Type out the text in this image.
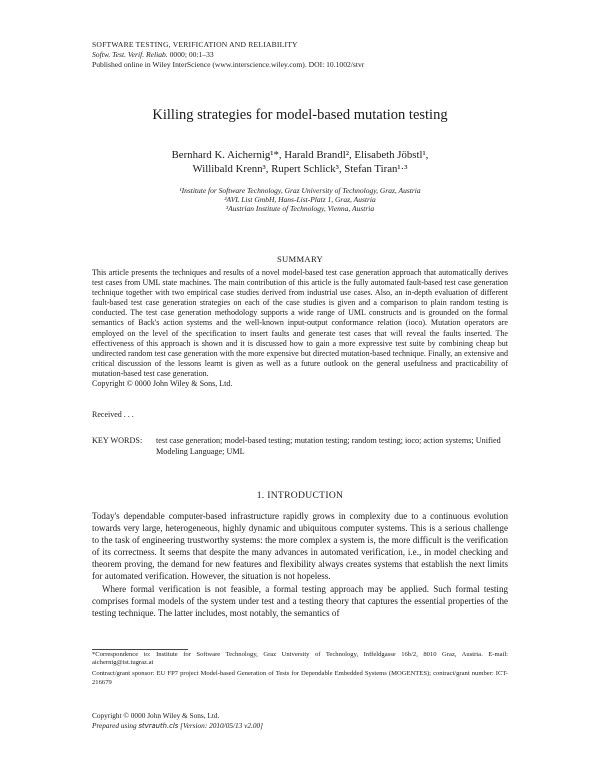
SOFTWARE TESTING, VERIFICATION AND RELIABILITY
Softw. Test. Verif. Reliab. 0000; 00:1–33
Published online in Wiley InterScience (www.interscience.wiley.com). DOI: 10.1002/stvr
Killing strategies for model-based mutation testing
Bernhard K. Aichernig¹*, Harald Brandl², Elisabeth Jöbstl¹,
Willibald Krenn³, Rupert Schlick³, Stefan Tiran¹·³
¹Institute for Software Technology, Graz University of Technology, Graz, Austria
²AVL List GmbH, Hans-List-Platz 1, Graz, Austria
³Austrian Institute of Technology, Vienna, Austria
SUMMARY
This article presents the techniques and results of a novel model-based test case generation approach that automatically derives test cases from UML state machines. The main contribution of this article is the fully automated fault-based test case generation technique together with two empirical case studies derived from industrial use cases. Also, an in-depth evaluation of different fault-based test case generation strategies on each of the case studies is given and a comparison to plain random testing is conducted. The test case generation methodology supports a wide range of UML constructs and is grounded on the formal semantics of Back's action systems and the well-known input-output conformance relation (ioco). Mutation operators are employed on the level of the specification to insert faults and generate test cases that will reveal the faults inserted. The effectiveness of this approach is shown and it is discussed how to gain a more expressive test suite by combining cheap but undirected random test case generation with the more expensive but directed mutation-based technique. Finally, an extensive and critical discussion of the lessons learnt is given as well as a future outlook on the general usefulness and practicability of mutation-based test case generation.
Copyright © 0000 John Wiley & Sons, Ltd.
Received . . .
KEY WORDS: test case generation; model-based testing; mutation testing; random testing; ioco; action systems; Unified Modeling Language; UML
1. INTRODUCTION

Today's dependable computer-based infrastructure rapidly grows in complexity due to a continuous evolution towards very large, heterogeneous, highly dynamic and ubiquitous computer systems. This is a serious challenge to the task of engineering trustworthy systems: the more complex a system is, the more difficult is the verification of its correctness. It seems that despite the many advances in automated verification, i.e., in model checking and theorem proving, the demand for new features and flexibility always creates systems that establish the next limits for automated verification. However, the situation is not hopeless.

Where formal verification is not feasible, a formal testing approach may be applied. Such formal testing comprises formal models of the system under test and a testing theory that captures the essential properties of the testing technique. The latter includes, most notably, the semantics of

*Correspondence to: Institute for Software Technology, Graz University of Technology, Inffeldgasse 16b/2, 8010 Graz, Austria. E-mail: aichernig@ist.tugraz.at

Contract/grant sponsor: EU FP7 project Model-based Generation of Tests for Dependable Embedded Systems (MOGENTES); contract/grant number: ICT-216679

Copyright © 0000 John Wiley & Sons, Ltd.
Prepared using stvrauth.cls [Version: 2010/05/13 v2.00]
